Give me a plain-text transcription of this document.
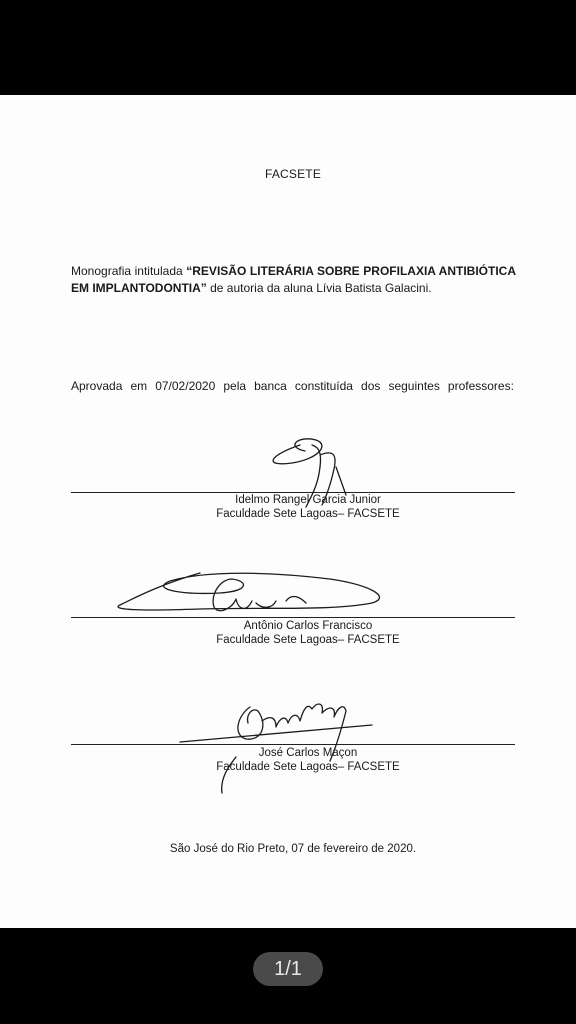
FACSETE
Monografia intitulada “REVISÃO LITERÁRIA SOBRE PROFILAXIA ANTIBIÓTICA EM IMPLANTODONTIA” de autoria da aluna Lívia Batista Galacini.
Aprovada em 07/02/2020 pela banca constituída dos seguintes professores:
Idelmo Rangel Garcia Junior
Faculdade Sete Lagoas– FACSETE
Antônio Carlos Francisco
Faculdade Sete Lagoas– FACSETE
José Carlos Maçon
Faculdade Sete Lagoas– FACSETE
São José do Rio Preto, 07 de fevereiro de 2020.
1/1
